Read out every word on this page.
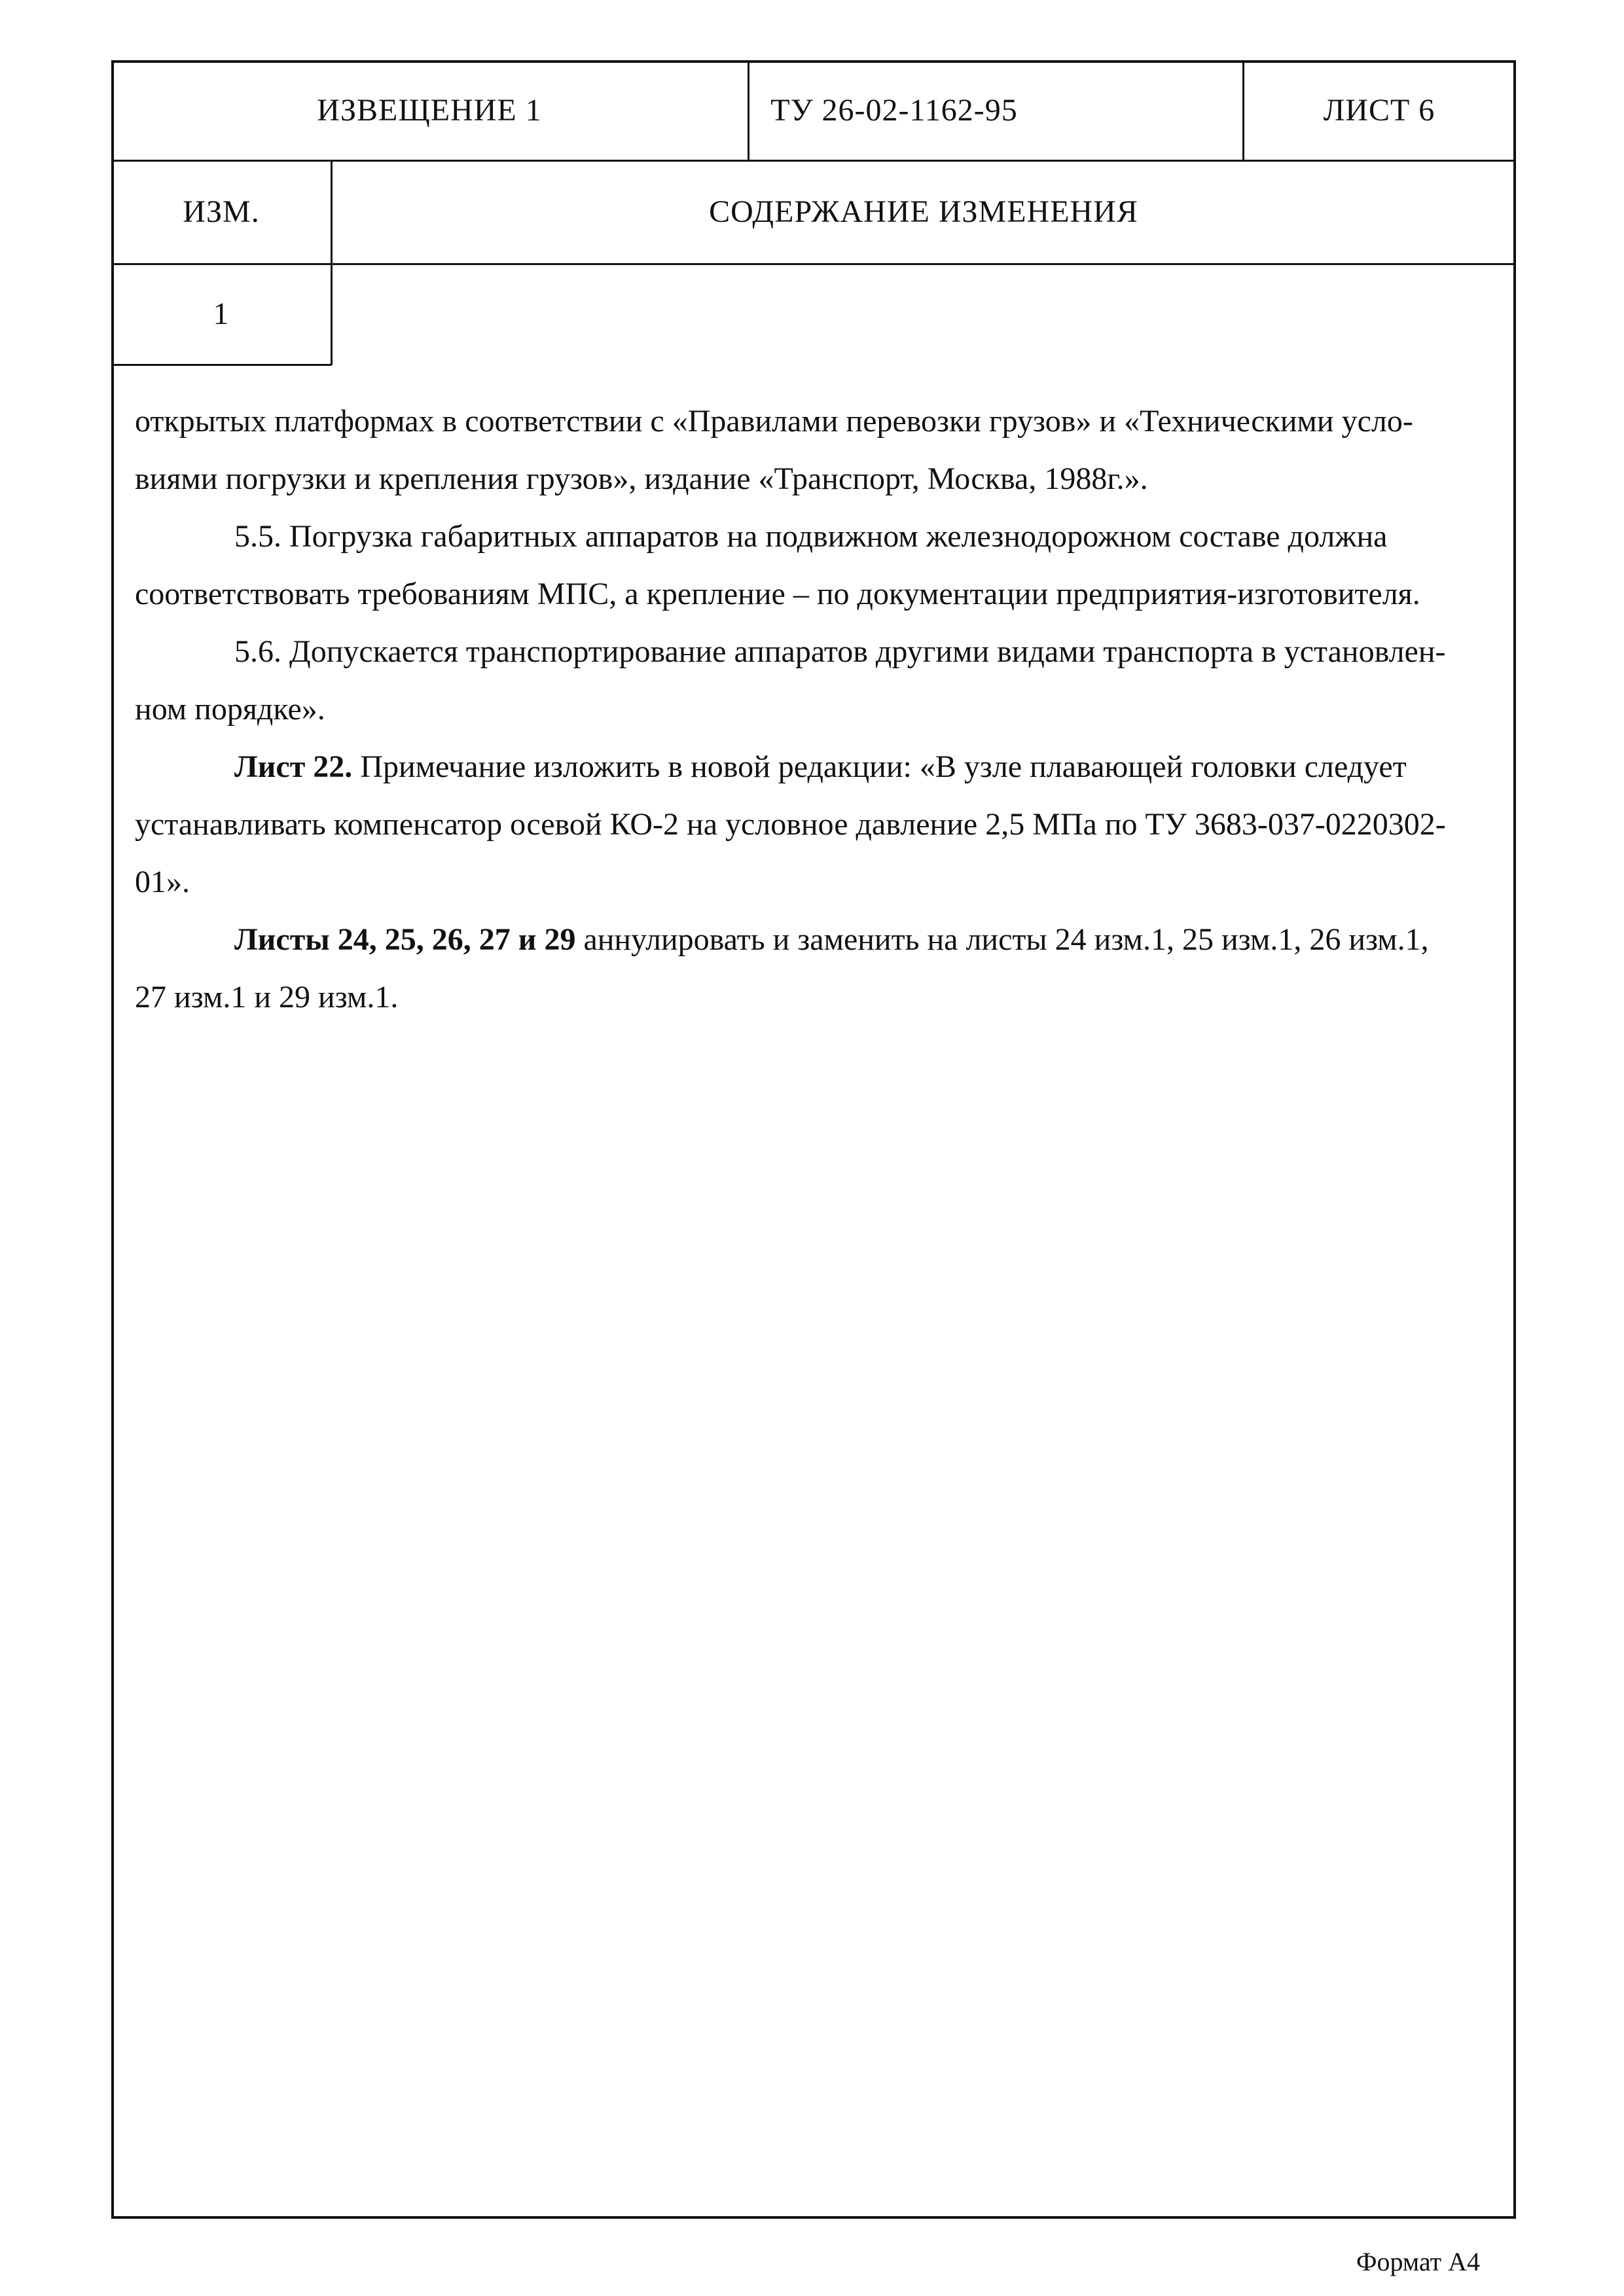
ИЗВЕЩЕНИЕ 1	ТУ 26-02-1162-95	ЛИСТ 6
ИЗМ.	СОДЕРЖАНИЕ ИЗМЕНЕНИЯ
1

открытых платформах в соответствии с «Правилами перевозки грузов» и «Техническими усло-

виями погрузки и крепления грузов», издание «Транспорт, Москва, 1988г.».

5.5. Погрузка габаритных аппаратов на подвижном железнодорожном составе должна

соответствовать требованиям МПС, а крепление – по документации предприятия-изготовителя.

5.6. Допускается транспортирование аппаратов другими видами транспорта в установлен-

ном порядке».

Лист 22. Примечание изложить в новой редакции: «В узле плавающей головки следует

устанавливать компенсатор осевой КО-2 на условное давление 2,5 МПа по ТУ 3683-037-0220302-

01».

Листы 24, 25, 26, 27 и 29 аннулировать и заменить на листы 24 изм.1, 25 изм.1, 26 изм.1,

27 изм.1 и 29 изм.1.

Формат А4
